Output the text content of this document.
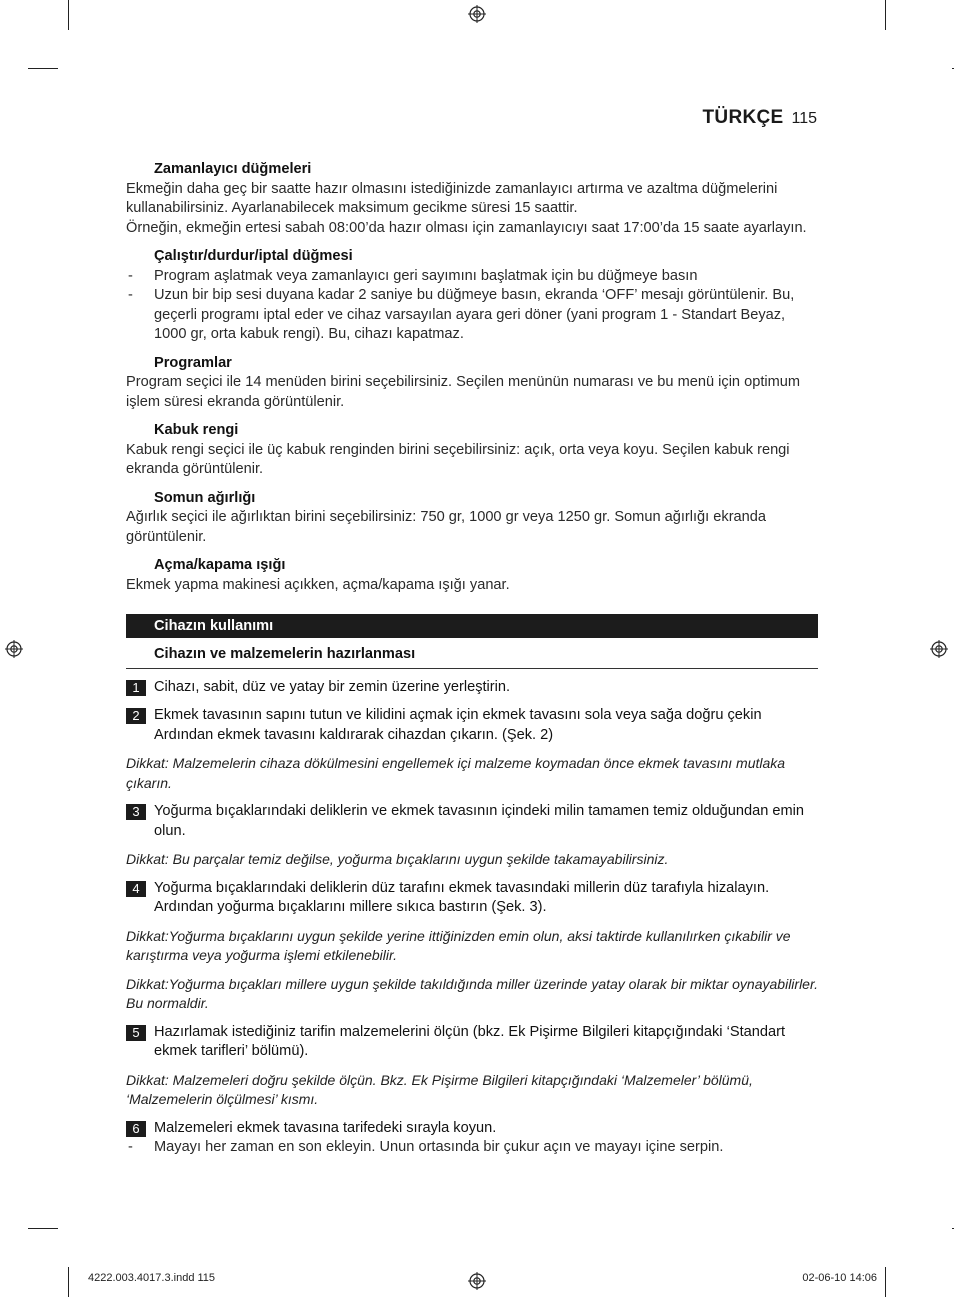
TÜRKÇE 115
Zamanlayıcı düğmeleri

Ekmeğin daha geç bir saatte hazır olmasını istediğinizde zamanlayıcı artırma ve azaltma düğmelerini kullanabilirsiniz. Ayarlanabilecek maksimum gecikme süresi 15 saattir.

Örneğin, ekmeğin ertesi sabah 08:00’da hazır olması için zamanlayıcıyı saat 17:00’da 15 saate ayarlayın.

Çalıştır/durdur/iptal düğmesi
- Program aşlatmak veya zamanlayıcı geri sayımını başlatmak için bu düğmeye basın
- Uzun bir bip sesi duyana kadar 2 saniye bu düğmeye basın, ekranda ‘OFF’ mesajı görüntülenir. Bu, geçerli programı iptal eder ve cihaz varsayılan ayara geri döner (yani program 1 - Standart Beyaz, 1000 gr, orta kabuk rengi). Bu, cihazı kapatmaz.
Programlar

Program seçici ile 14 menüden birini seçebilirsiniz. Seçilen menünün numarası ve bu menü için optimum işlem süresi ekranda görüntülenir.

Kabuk rengi

Kabuk rengi seçici ile üç kabuk renginden birini seçebilirsiniz: açık, orta veya koyu. Seçilen kabuk rengi ekranda görüntülenir.

Somun ağırlığı

Ağırlık seçici ile ağırlıktan birini seçebilirsiniz: 750 gr, 1000 gr veya 1250 gr. Somun ağırlığı ekranda görüntülenir.

Açma/kapama ışığı

Ekmek yapma makinesi açıkken, açma/kapama ışığı yanar.

Cihazın kullanımı
Cihazın ve malzemelerin hazırlanması
1 Cihazı, sabit, düz ve yatay bir zemin üzerine yerleştirin.
2 Ekmek tavasının sapını tutun ve kilidini açmak için ekmek tavasını sola veya sağa doğru çekin Ardından ekmek tavasını kaldırarak cihazdan çıkarın. (Şek. 2)
Dikkat: Malzemelerin cihaza dökülmesini engellemek içi malzeme koymadan önce ekmek tavasını mutlaka çıkarın.
3 Yoğurma bıçaklarındaki deliklerin ve ekmek tavasının içindeki milin tamamen temiz olduğundan emin olun.
Dikkat: Bu parçalar temiz değilse, yoğurma bıçaklarını uygun şekilde takamayabilirsiniz.
4 Yoğurma bıçaklarındaki deliklerin düz tarafını ekmek tavasındaki millerin düz tarafıyla hizalayın. Ardından yoğurma bıçaklarını millere sıkıca bastırın (Şek. 3).
Dikkat:Yoğurma bıçaklarını uygun şekilde yerine ittiğinizden emin olun, aksi taktirde kullanılırken çıkabilir ve karıştırma veya yoğurma işlemi etkilenebilir.
Dikkat:Yoğurma bıçakları millere uygun şekilde takıldığında miller üzerinde yatay olarak bir miktar oynayabilirler. Bu normaldir.
5 Hazırlamak istediğiniz tarifin malzemelerini ölçün (bkz. Ek Pişirme Bilgileri kitapçığındaki ‘Standart ekmek tarifleri’ bölümü).
Dikkat: Malzemeleri doğru şekilde ölçün. Bkz. Ek Pişirme Bilgileri kitapçığındaki ‘Malzemeler’ bölümü, ‘Malzemelerin ölçülmesi’ kısmı.
6 Malzemeleri ekmek tavasına tarifedeki sırayla koyun.
- Mayayı her zaman en son ekleyin. Unun ortasında bir çukur açın ve mayayı içine serpin.
4222.003.4017.3.indd 115	02-06-10 14:06
